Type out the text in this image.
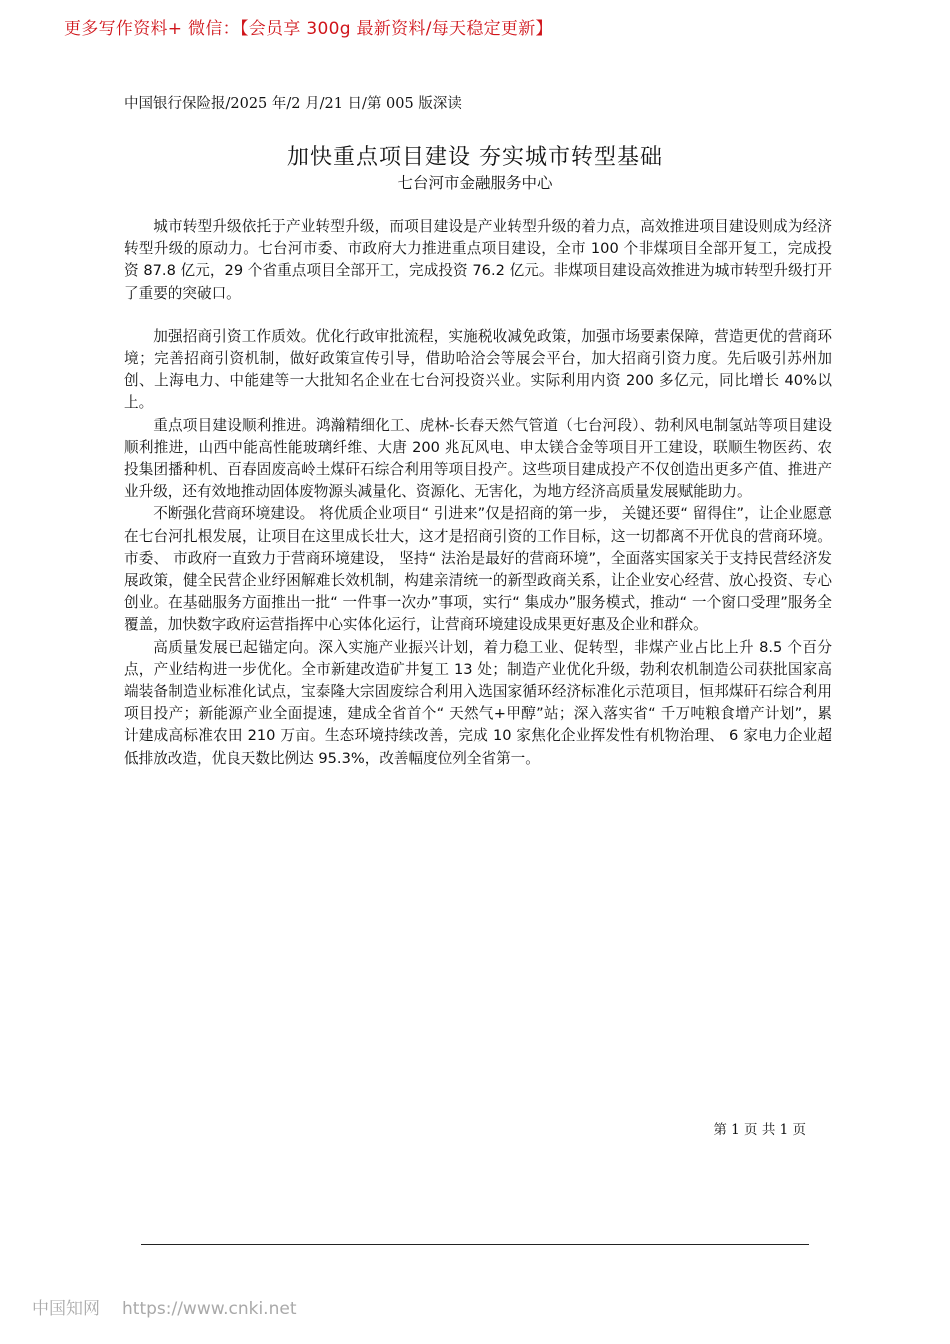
更多写作资料+ 微信：【会员享 300g 最新资料/每天稳定更新】
中国银行保险报/2025 年/2 月/21 日/第 005 版深读
加快重点项目建设 夯实城市转型基础
七台河市金融服务中心

城市转型升级依托于产业转型升级，而项目建设是产业转型升级的着力点，高效推进项目建设则成为经济转型升级的原动力。七台河市委、市政府大力推进重点项目建设，全市 100 个非煤项目全部开复工，完成投资 87.8 亿元，29 个省重点项目全部开工，完成投资 76.2 亿元。非煤项目建设高效推进为城市转型升级打开了重要的突破口。

加强招商引资工作质效。优化行政审批流程，实施税收减免政策，加强市场要素保障，营造更优的营商环境；完善招商引资机制，做好政策宣传引导，借助哈洽会等展会平台，加大招商引资力度。先后吸引苏州加创、上海电力、中能建等一大批知名企业在七台河投资兴业。实际利用内资 200 多亿元，同比增长 40%以上。

重点项目建设顺利推进。鸿瀚精细化工、虎林-长春天然气管道（七台河段）、勃利风电制氢站等项目建设顺利推进，山西中能高性能玻璃纤维、大唐 200 兆瓦风电、申太镁合金等项目开工建设，联顺生物医药、农投集团播种机、百春固废高岭土煤矸石综合利用等项目投产。这些项目建成投产不仅创造出更多产值、推进产业升级，还有效地推动固体废物源头减量化、资源化、无害化，为地方经济高质量发展赋能助力。

不断强化营商环境建设。 将优质企业项目“ 引进来”仅是招商的第一步， 关键还要“ 留得住”，让企业愿意在七台河扎根发展，让项目在这里成长壮大，这才是招商引资的工作目标，这一切都离不开优良的营商环境。 市委、 市政府一直致力于营商环境建设， 坚持“ 法治是最好的营商环境”，全面落实国家关于支持民营经济发展政策，健全民营企业纾困解难长效机制，构建亲清统一的新型政商关系，让企业安心经营、放心投资、专心创业。在基础服务方面推出一批“ 一件事一次办”事项，实行“ 集成办”服务模式，推动“ 一个窗口受理”服务全覆盖，加快数字政府运营指挥中心实体化运行，让营商环境建设成果更好惠及企业和群众。

高质量发展已起锚定向。深入实施产业振兴计划，着力稳工业、促转型，非煤产业占比上升 8.5 个百分点，产业结构进一步优化。全市新建改造矿井复工 13 处；制造产业优化升级，勃利农机制造公司获批国家高端装备制造业标准化试点，宝泰隆大宗固废综合利用入选国家循环经济标准化示范项目，恒邦煤矸石综合利用项目投产；新能源产业全面提速，建成全省首个“ 天然气+甲醇”站；深入落实省“ 千万吨粮食增产计划”，累计建成高标准农田 210 万亩。生态环境持续改善，完成 10 家焦化企业挥发性有机物治理、 6 家电力企业超低排放改造，优良天数比例达 95.3%，改善幅度位列全省第一。

第 1 页 共 1 页
中国知网 https://www.cnki.net
